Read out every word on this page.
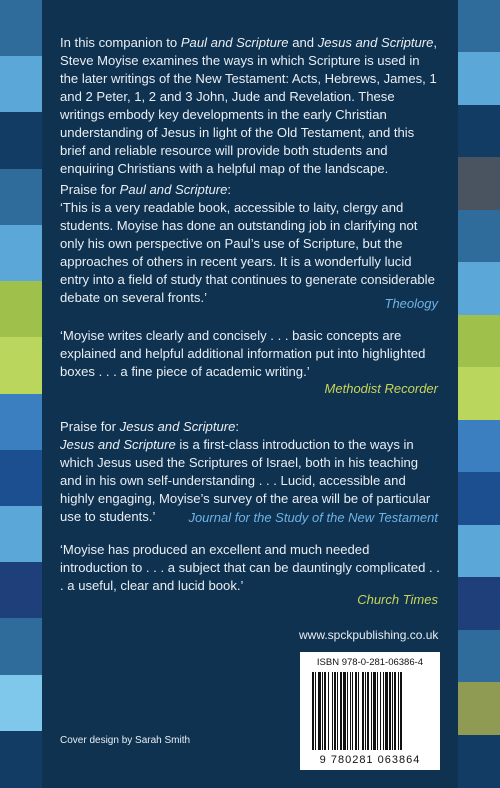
In this companion to Paul and Scripture and Jesus and Scripture, Steve Moyise examines the ways in which Scripture is used in the later writings of the New Testament: Acts, Hebrews, James, 1 and 2 Peter, 1, 2 and 3 John, Jude and Revelation. These writings embody key developments in the early Christian understanding of Jesus in light of the Old Testament, and this brief and reliable resource will provide both students and enquiring Christians with a helpful map of the landscape.

Praise for Paul and Scripture:

‘This is a very readable book, accessible to laity, clergy and students. Moyise has done an outstanding job in clarifying not only his own perspective on Paul’s use of Scripture, but the approaches of others in recent years. It is a wonderfully lucid entry into a field of study that continues to generate considerable debate on several fronts.’	Theology

‘Moyise writes clearly and concisely . . . basic concepts are explained and helpful additional information put into highlighted boxes . . . a fine piece of academic writing.’

Methodist Recorder

Praise for Jesus and Scripture:

Jesus and Scripture is a first-class introduction to the ways in which Jesus used the Scriptures of Israel, both in his teaching and in his own self-understanding . . . Lucid, accessible and highly engaging, Moyise’s survey of the area will be of particular use to students.’	Journal for the Study of the New Testament

‘Moyise has produced an excellent and much needed introduction to . . . a subject that can be dauntingly complicated . . . a useful, clear and lucid book.’

Church Times

www.spckpublishing.co.uk

ISBN 978-0-281-06386-4

9 780281 063864

Cover design by Sarah Smith
